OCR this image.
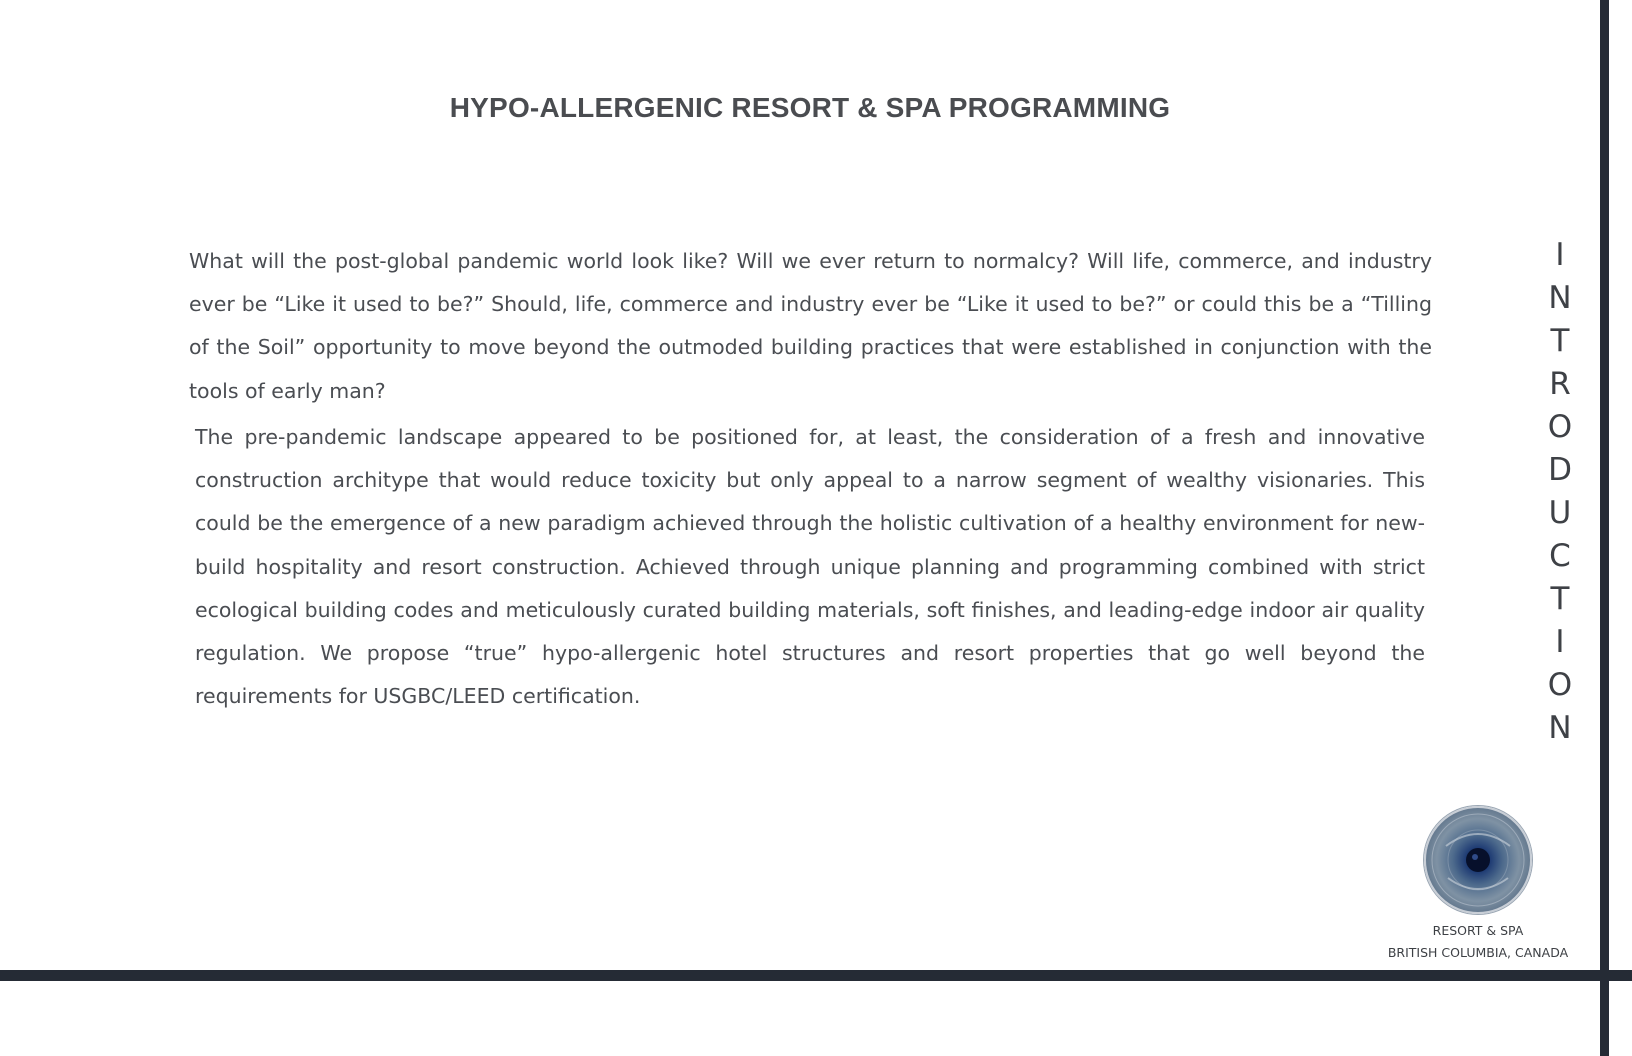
HYPO-ALLERGENIC RESORT & SPA PROGRAMMING

What will the post-global pandemic world look like? Will we ever return to normalcy? Will life, commerce, and industry ever be “Like it used to be?” Should, life, commerce and industry ever be “Like it used to be?” or could this be a “Tilling of the Soil” opportunity to move beyond the outmoded building practices that were established in conjunction with the tools of early man?

The pre-pandemic landscape appeared to be positioned for, at least, the consideration of a fresh and innovative construction architype that would reduce toxicity but only appeal to a narrow segment of wealthy visionaries. This could be the emergence of a new paradigm achieved through the holistic cultivation of a healthy environment for new-build hospitality and resort construction. Achieved through unique planning and programming combined with strict ecological building codes and meticulously curated building materials, soft finishes, and leading-edge indoor air quality regulation. We propose “true” hypo-allergenic hotel structures and resort properties that go well beyond the requirements for USGBC/LEED certification.

I
N
T
R
O
D
U
C
T
I
O
N

RESORT & SPA
BRITISH COLUMBIA, CANADA
